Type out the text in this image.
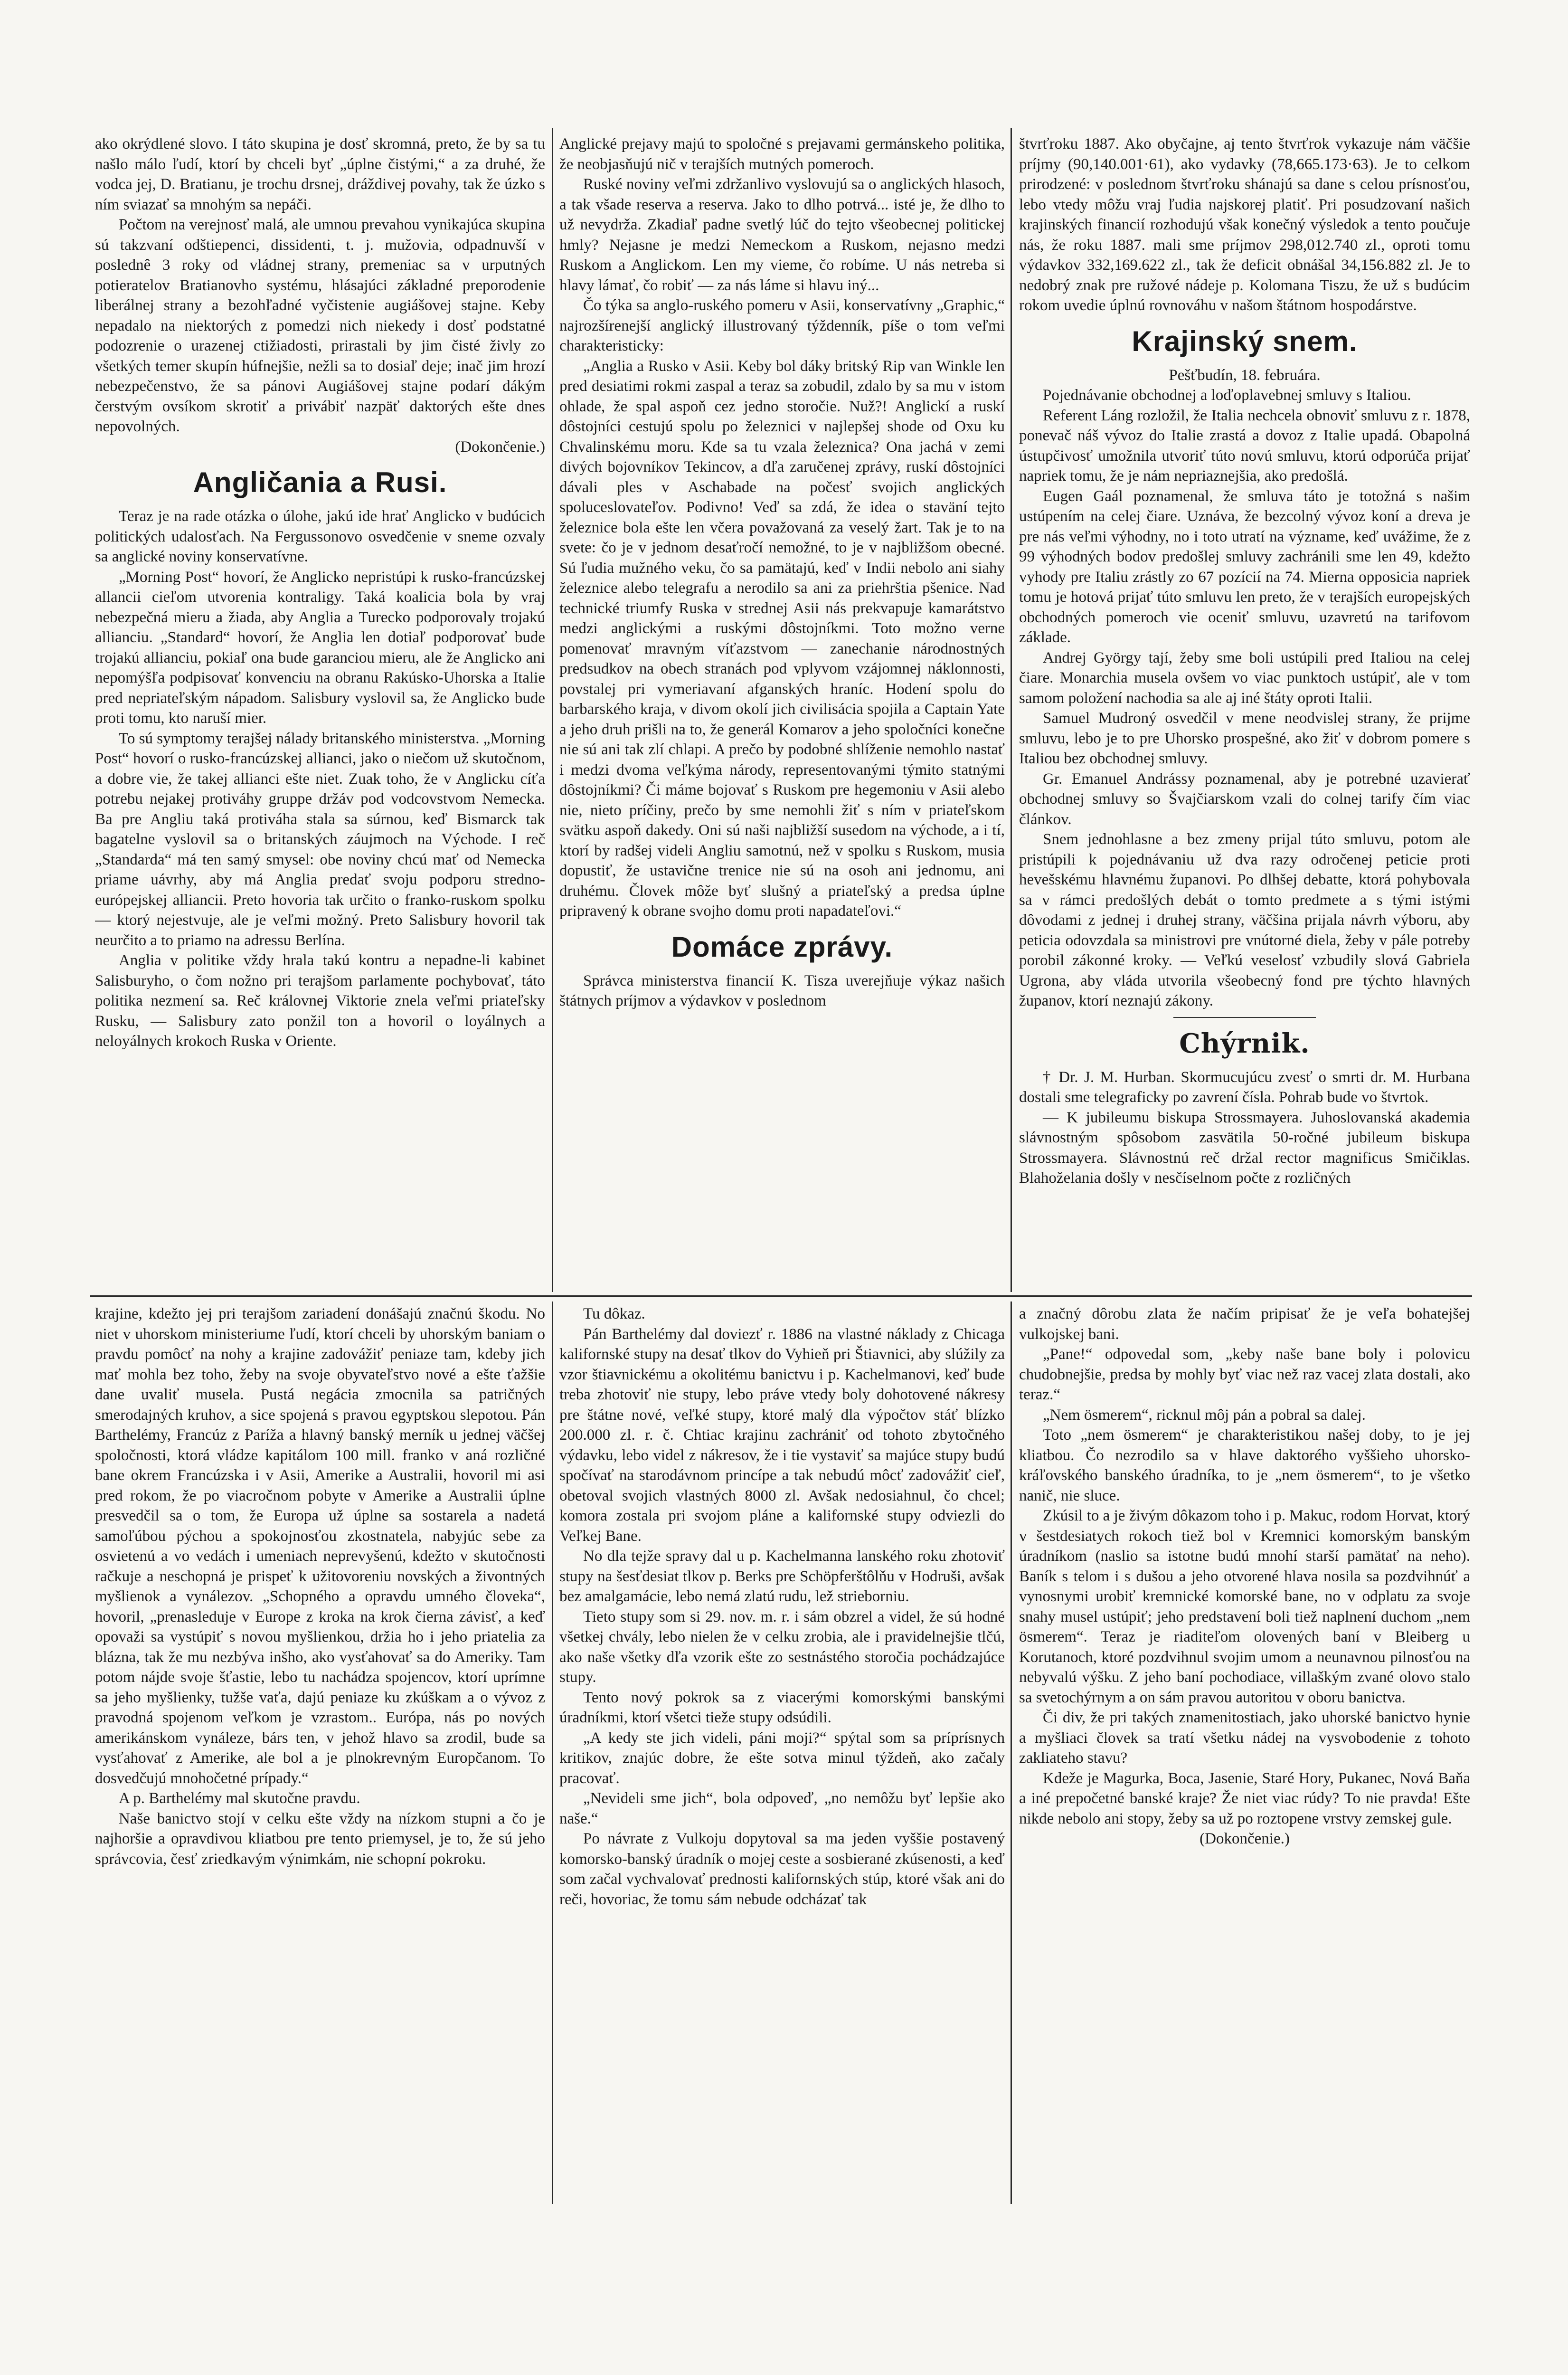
ako okrýdlené slovo. I táto skupina je dosť skromná, preto, že by sa tu našlo málo ľudí, ktorí by chceli byť „úplne čistými,“ a za druhé, že vodca jej, D. Bratianu, je trochu drsnej, dráždivej povahy, tak že úzko s ním sviazať sa mnohým sa nepáči.

Počtom na verejnosť malá, ale umnou prevahou vynikajúca skupina sú takzvaní odštiepenci, dissidenti, t. j. mužovia, odpadnuvší v poslednê 3 roky od vládnej strany, premeniac sa v urputných potieratelov Bratianovho systému, hlásajúci základné preporodenie liberálnej strany a bezohľadné vyčistenie augiášovej stajne. Keby nepadalo na niektorých z pomedzi nich niekedy i dosť podstatné podozrenie o urazenej ctižiadosti, prirastali by jim čisté živly zo všetkých temer skupín húfnejšie, nežli sa to dosiaľ deje; inač jim hrozí nebezpečenstvo, že sa pánovi Augiášovej stajne podarí dákým čerstvým ovsíkom skrotiť a privábiť nazpäť daktorých ešte dnes nepovolných.

(Dokončenie.)

Angličania a Rusi.

Teraz je na rade otázka o úlohe, jakú ide hrať Anglicko v budúcich politických udalosťach. Na Fergussonovo osvedčenie v sneme ozvaly sa anglické noviny konservatívne.

„Morning Post“ hovorí, že Anglicko nepristúpi k rusko-francúzskej allancii cieľom utvorenia kontraligy. Taká koalicia bola by vraj nebezpečná mieru a žiada, aby Anglia a Turecko podporovaly trojakú allianciu. „Standard“ hovorí, že Anglia len dotiaľ podporovať bude trojakú allianciu, pokiaľ ona bude garanciou mieru, ale že Anglicko ani nepomýšľa podpisovať konvenciu na obranu Rakúsko-Uhorska a Italie pred nepriateľským nápadom. Salisbury vyslovil sa, že Anglicko bude proti tomu, kto naruší mier.

To sú symptomy terajšej nálady britanského ministerstva. „Morning Post“ hovorí o rusko-francúzskej allianci, jako o niečom už skutočnom, a dobre vie, že takej allianci ešte niet. Zuak toho, že v Anglicku cíťa potrebu nejakej protiváhy gruppe držáv pod vodcovstvom Nemecka. Ba pre Angliu taká protiváha stala sa súrnou, keď Bismarck tak bagatelne vyslovil sa o britanských záujmoch na Východe. I reč „Standarda“ má ten samý smysel: obe noviny chcú mať od Nemecka priame uávrhy, aby má Anglia predať svoju podporu stredno-európejskej alliancii. Preto hovoria tak určito o franko-ruskom spolku — ktorý nejestvuje, ale je veľmi možný. Preto Salisbury hovoril tak neurčito a to priamo na adressu Berlína.

Anglia v politike vždy hrala takú kontru a nepadne-li kabinet Salisburyho, o čom nožno pri terajšom parlamente pochybovať, táto politika nezmení sa. Reč královnej Viktorie znela veľmi priateľsky Rusku, — Salisbury zato ponžil ton a hovoril o loyálnych a neloyálnych krokoch Ruska v Oriente.

Anglické prejavy majú to spoločné s prejavami germánskeho politika, že neobjasňujú nič v terajších mutných pomeroch.

Ruské noviny veľmi zdržanlivo vyslovujú sa o anglických hlasoch, a tak všade reserva a reserva. Jako to dlho potrvá... isté je, že dlho to už nevydrža. Zkadiaľ padne svetlý lúč do tejto všeobecnej politickej hmly? Nejasne je medzi Nemeckom a Ruskom, nejasno medzi Ruskom a Anglickom. Len my vieme, čo robíme. U nás netreba si hlavy lámať, čo robiť — za nás láme si hlavu iný...

Čo týka sa anglo-ruského pomeru v Asii, konservatívny „Graphic,“ najrozšírenejší anglický illustrovaný týždenník, píše o tom veľmi charakteristicky:

„Anglia a Rusko v Asii. Keby bol dáky britský Rip van Winkle len pred desiatimi rokmi zaspal a teraz sa zobudil, zdalo by sa mu v istom ohlade, že spal aspoň cez jedno storočie. Nuž?! Anglickí a ruskí dôstojníci cestujú spolu po železnici v najlepšej shode od Oxu ku Chvalinskému moru. Kde sa tu vzala železnica? Ona jachá v zemi divých bojovníkov Tekincov, a dľa zaručenej zprávy, ruskí dôstojníci dávali ples v Aschabade na počesť svojich anglických spoluceslovateľov. Podivno! Veď sa zdá, že idea o staväní tejto železnice bola ešte len včera považovaná za veselý žart. Tak je to na svete: čo je v jednom desaťročí nemožné, to je v najbližšom obecné. Sú ľudia mužného veku, čo sa pamätajú, keď v Indii nebolo ani siahy železnice alebo telegrafu a nerodilo sa ani za priehrštia pšenice. Nad technické triumfy Ruska v strednej Asii nás prekvapuje kamarátstvo medzi anglickými a ruskými dôstojníkmi. Toto možno verne pomenovať mravným víťazstvom — zanechanie národnostných predsudkov na obech stranách pod vplyvom vzájomnej náklonnosti, povstalej pri vymeriavaní afganských hraníc. Hodení spolu do barbarského kraja, v divom okolí jich civilisácia spojila a Captain Yate a jeho druh prišli na to, že generál Komarov a jeho spoločníci konečne nie sú ani tak zlí chlapi. A prečo by podobné shlíženie nemohlo nastať i medzi dvoma veľkýma národy, representovanými týmito statnými dôstojníkmi? Či máme bojovať s Ruskom pre hegemoniu v Asii alebo nie, nieto príčiny, prečo by sme nemohli žiť s ním v priateľskom svätku aspoň dakedy. Oni sú naši najbližší susedom na východe, a i tí, ktorí by radšej videli Angliu samotnú, než v spolku s Ruskom, musia dopustiť, že ustavične trenice nie sú na osoh ani jednomu, ani druhému. Človek môže byť slušný a priateľský a predsa úplne pripravený k obrane svojho domu proti napadateľovi.“

Domáce zprávy.

Správca ministerstva financií K. Tisza uverejňuje výkaz našich štátnych príjmov a výdavkov v poslednom

štvrťroku 1887. Ako obyčajne, aj tento štvrťrok vykazuje nám väčšie príjmy (90,140.001·61), ako vydavky (78,665.173·63). Je to celkom prirodzené: v poslednom štvrťroku shánajú sa dane s celou prísnosťou, lebo vtedy môžu vraj ľudia najskorej platiť. Pri posudzovaní našich krajinských financií rozhodujú však konečný výsledok a tento poučuje nás, že roku 1887. mali sme príjmov 298,012.740 zl., oproti tomu výdavkov 332,169.622 zl., tak že deficit obnášal 34,156.882 zl. Je to nedobrý znak pre ružové nádeje p. Kolomana Tiszu, že už s budúcim rokom uvedie úplnú rovnováhu v našom štátnom hospodárstve.

Krajinský snem.

Pešťbudín, 18. februára.

Pojednávanie obchodnej a loďoplavebnej smluvy s Italiou.

Referent Láng rozložil, že Italia nechcela obnoviť smluvu z r. 1878, ponevač náš vývoz do Italie zrastá a dovoz z Italie upadá. Obapolná ústupčivosť umožnila utvoriť túto novú smluvu, ktorú odporúča prijať napriek tomu, že je nám nepriaznejšia, ako predošlá.

Eugen Gaál poznamenal, že smluva táto je totožná s našim ustúpením na celej čiare. Uznáva, že bezcolný vývoz koní a dreva je pre nás veľmi výhodny, no i toto utratí na význame, keď uvážime, že z 99 výhodných bodov predošlej smluvy zachránili sme len 49, kdežto vyhody pre Italiu zrástly zo 67 pozícií na 74. Mierna opposicia napriek tomu je hotová prijať túto smluvu len preto, že v terajších europejských obchodných pomeroch vie oceniť smluvu, uzavretú na tarifovom základe.

Andrej György tají, žeby sme boli ustúpili pred Italiou na celej čiare. Monarchia musela ovšem vo viac punktoch ustúpiť, ale v tom samom položení nachodia sa ale aj iné štáty oproti Italii.

Samuel Mudroný osvedčil v mene neodvislej strany, že prijme smluvu, lebo je to pre Uhorsko prospešné, ako žiť v dobrom pomere s Italiou bez obchodnej smluvy.

Gr. Emanuel Andrássy poznamenal, aby je potrebné uzavierať obchodnej smluvy so Švajčiarskom vzali do colnej tarify čím viac článkov.

Snem jednohlasne a bez zmeny prijal túto smluvu, potom ale pristúpili k pojednávaniu už dva razy odročenej peticie proti hevešskému hlavnému županovi. Po dlhšej debatte, ktorá pohybovala sa v rámci predošlých debát o tomto predmete a s tými istými dôvodami z jednej i druhej strany, väčšina prijala návrh výboru, aby peticia odovzdala sa ministrovi pre vnútorné diela, žeby v pále potreby porobil zákonné kroky. — Veľkú veselosť vzbudily slová Gabriela Ugrona, aby vláda utvorila všeobecný fond pre týchto hlavných županov, ktorí neznajú zákony.

Chýrnik.

† Dr. J. M. Hurban. Skormucujúcu zvesť o smrti dr. M. Hurbana dostali sme telegraficky po zavrení čísla. Pohrab bude vo štvrtok.

— K jubileumu biskupa Strossmayera. Juhoslovanská akademia slávnostným spôsobom zasvätila 50-ročné jubileum biskupa Strossmayera. Slávnostnú reč držal rector magnificus Smičiklas. Blahoželania došly v nesčíselnom počte z rozličných

krajine, kdežto jej pri terajšom zariadení donášajú značnú škodu. No niet v uhorskom ministeriume ľudí, ktorí chceli by uhorským baniam o pravdu pomôcť na nohy a krajine zadovážiť peniaze tam, kdeby jich mať mohla bez toho, žeby na svoje obyvateľstvo nové a ešte ťažšie dane uvaliť musela. Pustá negácia zmocnila sa patričných smerodajných kruhov, a sice spojená s pravou egyptskou slepotou. Pán Barthelémy, Francúz z Paríža a hlavný banský merník u jednej väčšej spoločnosti, ktorá vládze kapitálom 100 mill. franko v aná rozličné bane okrem Francúzska i v Asii, Amerike a Australii, hovoril mi asi pred rokom, že po viacročnom pobyte v Amerike a Australii úplne presvedčil sa o tom, že Europa už úplne sa sostarela a nadetá samoľúbou pýchou a spokojnosťou zkostnatela, nabyjúc sebe za osvietenú a vo vedách i umeniach neprevyšenú, kdežto v skutočnosti račkuje a neschopná je prispeť k užitovoreniu novských a živontných myšlienok a vynálezov. „Schopného a opravdu umného človeka“, hovoril, „prenasleduje v Europe z kroka na krok čierna závisť, a keď opovaži sa vystúpiť s novou myšlienkou, držia ho i jeho priatelia za blázna, tak že mu nezbýva inšho, ako vysťahovať sa do Ameriky. Tam potom nájde svoje šťastie, lebo tu nachádza spojencov, ktorí uprímne sa jeho myšlienky, tužše vaťa, dajú peniaze ku zkúškam a o vývoz z pravodná spojenom veľkom je vzrastom.. Európa, nás po nových amerikánskom vynáleze, bárs ten, v jehož hlavo sa zrodil, bude sa vysťahovať z Amerike, ale bol a je plnokrevným Europčanom. To dosvedčujú mnohočetné prípady.“

A p. Barthelémy mal skutočne pravdu.

Naše banictvo stojí v celku ešte vždy na nízkom stupni a čo je najhoršie a opravdivou kliatbou pre tento priemysel, je to, že sú jeho správcovia, česť zriedkavým výnimkám, nie schopní pokroku.

Tu dôkaz.

Pán Barthelémy dal doviezť r. 1886 na vlastné náklady z Chicaga kalifornské stupy na desať tlkov do Vyhieň pri Štiavnici, aby slúžily za vzor štiavnickému a okolitému banictvu i p. Kachelmanovi, keď bude treba zhotoviť nie stupy, lebo práve vtedy boly dohotovené nákresy pre štátne nové, veľké stupy, ktoré malý dla výpočtov stáť blízko 200.000 zl. r. č. Chtiac krajinu zachrániť od tohoto zbytočného výdavku, lebo videl z nákresov, že i tie vystaviť sa majúce stupy budú spočívať na starodávnom princípe a tak nebudú môcť zadovážiť cieľ, obetoval svojich vlastných 8000 zl. Avšak nedosiahnul, čo chcel; komora zostala pri svojom pláne a kalifornské stupy odviezli do Veľkej Bane.

No dla tejže spravy dal u p. Kachelmanna lanského roku zhotoviť stupy na šesťdesiat tlkov p. Berks pre Schöpferštôlňu v Hodruši, avšak bez amalgamácie, lebo nemá zlatú rudu, lež strieborniu.

Tieto stupy som si 29. nov. m. r. i sám obzrel a videl, že sú hodné všetkej chvály, lebo nielen že v celku zrobia, ale i pravidelnejšie tlčú, ako naše všetky dľa vzorik ešte zo sestnástého storočia pochádzajúce stupy.

Tento nový pokrok sa z viacerými komorskými banskými úradníkmi, ktorí všetci tieže stupy odsúdili.

„A kedy ste jich videli, páni moji?“ spýtal som sa príprísnych kritikov, znajúc dobre, že ešte sotva minul týždeň, ako začaly pracovať.

„Nevideli sme jich“, bola odpoveď, „no nemôžu byť lepšie ako naše.“

Po návrate z Vulkoju dopytoval sa ma jeden vyššie postavený komorsko-banský úradník o mojej ceste a sosbierané zkúsenosti, a keď som začal vychvalovať prednosti kalifornských stúp, ktoré však ani do reči, hovoriac, že tomu sám nebude odcházať tak

a značný dôrobu zlata že načím pripisať že je veľa bohatejšej vulkojskej bani.

„Pane!“ odpovedal som, „keby naše bane boly i polovicu chudobnejšie, predsa by mohly byť viac než raz vacej zlata dostali, ako teraz.“

„Nem ösmerem“, ricknul môj pán a pobral sa dalej.

Toto „nem ösmerem“ je charakteristikou našej doby, to je jej kliatbou. Čo nezrodilo sa v hlave daktorého vyššieho uhorsko-kráľovského banského úradníka, to je „nem ösmerem“, to je všetko nanič, nie sluce.

Zkúsil to a je živým dôkazom toho i p. Makuc, rodom Horvat, ktorý v šestdesiatych rokoch tiež bol v Kremnici komorským banským úradníkom (naslio sa istotne budú mnohí starší pamätať na neho). Baník s telom i s dušou a jeho otvorené hlava nosila sa pozdvihnúť a vynosnymi urobiť kremnické komorské bane, no v odplatu za svoje snahy musel ustúpiť; jeho predstavení boli tiež naplnení duchom „nem ösmerem“. Teraz je riaditeľom olovených baní v Bleiberg u Korutanoch, ktoré pozdvihnul svojim umom a neunavnou pilnosťou na nebyvalú výšku. Z jeho baní pochodiace, villaškým zvané olovo stalo sa svetochýrnym a on sám pravou autoritou v oboru banictva.

Či div, že pri takých znamenitostiach, jako uhorské banictvo hynie a myšliaci človek sa tratí všetku nádej na vysvobodenie z tohoto zakliateho stavu?

Kdeže je Magurka, Boca, Jasenie, Staré Hory, Pukanec, Nová Baňa a iné prepočetné banské kraje? Že niet viac rúdy? To nie pravda! Ešte nikde nebolo ani stopy, žeby sa už po roztopene vrstvy zemskej gule.

(Dokončenie.)
